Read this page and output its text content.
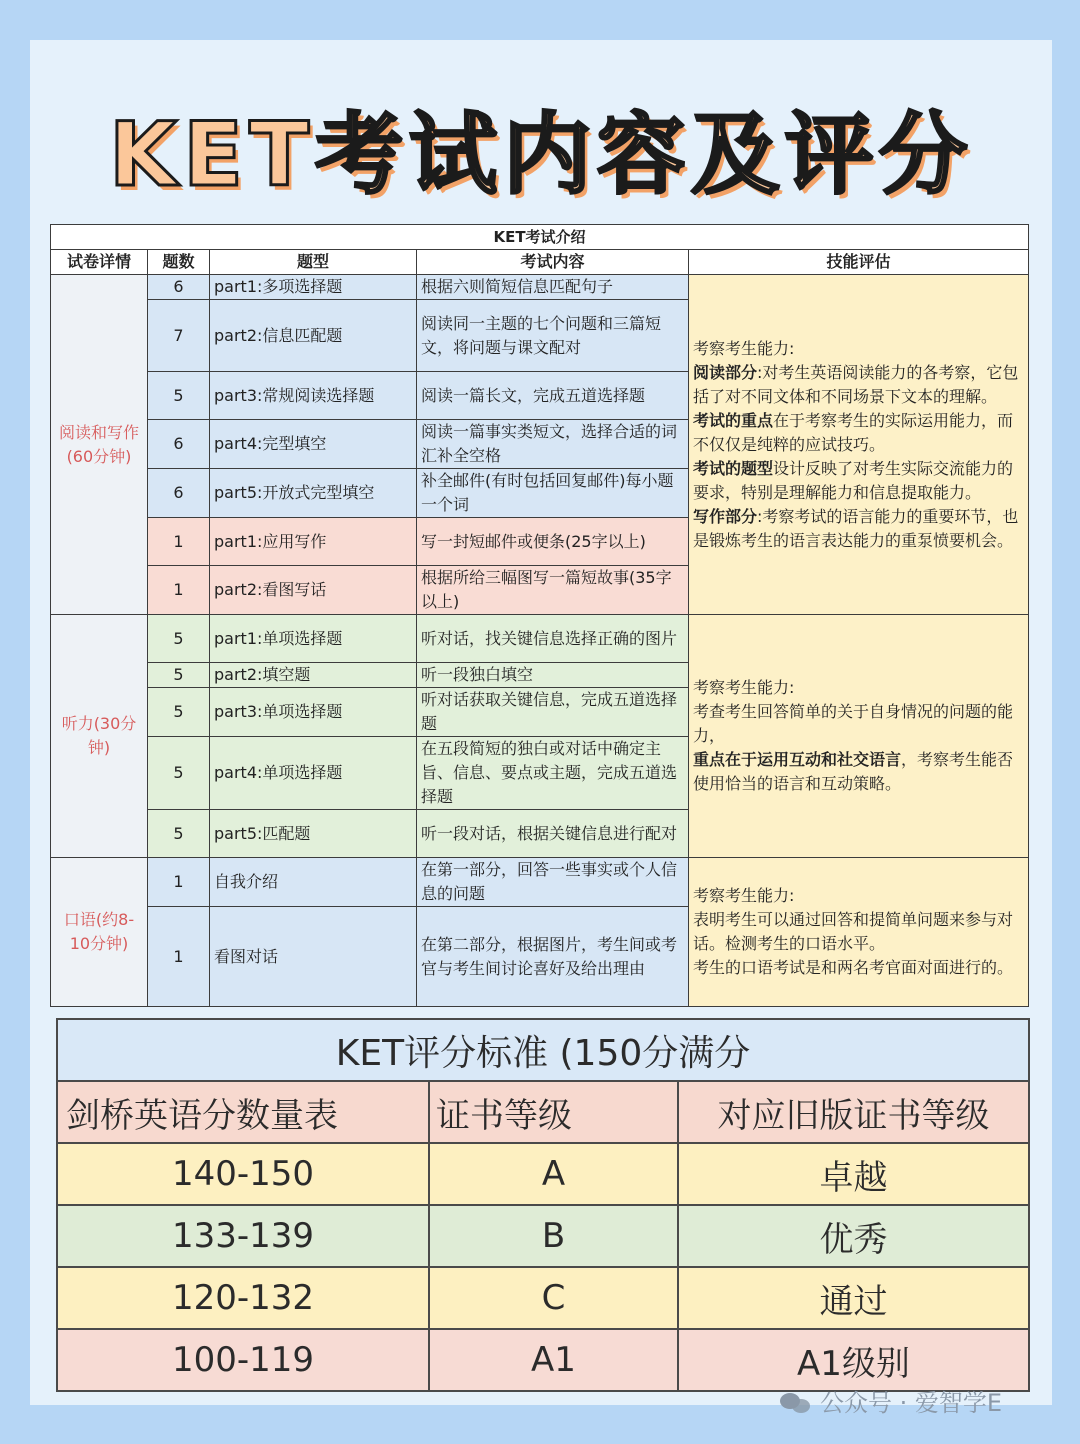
KET考试内容及评分
KET考试介绍				
试卷详情	题数	题型	考试内容	技能评估
阅读和写作(60分钟)	6	part1:多项选择题	根据六则简短信息匹配句子	考察考生能力:
阅读部分:对考生英语阅读能力的各考察，它包括了对不同文体和不同场景下文本的理解。
考试的重点在于考察考生的实际运用能力，而不仅仅是纯粹的应试技巧。
考试的题型设计反映了对考生实际交流能力的要求，特别是理解能力和信息提取能力。
写作部分:考察考试的语言能力的重要环节，也是锻炼考生的语言表达能力的重泵愤要机会。

	7	part2:信息匹配题	阅读同一主题的七个问题和三篇短文，将问题与课文配对	
	5	part3:常规阅读选择题	阅读一篇长文，完成五道选择题	
	6	part4:完型填空	阅读一篇事实类短文，选择合适的词汇补全空格	
	6	part5:开放式完型填空	补全邮件(有时包括回复邮件)每小题一个词	
	1	part1:应用写作	写一封短邮件或便条(25字以上)	
	1	part2:看图写话	根据所给三幅图写一篇短故事(35字以上)	
听力(30分钟)	5	part1:单项选择题	听对话，找关键信息选择正确的图片	考察考生能力:
考查考生回答简单的关于自身情况的问题的能力，
重点在于运用互动和社交语言，考察考生能否使用恰当的语言和互动策略。
	5	part2:填空题	听一段独白填空	
	5	part3:单项选择题	听对话获取关键信息，完成五道选择题	
	5	part4:单项选择题	在五段简短的独白或对话中确定主旨、信息、要点或主题，完成五道选择题	
	5	part5:匹配题	听一段对话，根据关键信息进行配对	
口语(约8-10分钟)	1	自我介绍	在第一部分，回答一些事实或个人信息的问题	考察考生能力:
表明考生可以通过回答和提简单问题来参与对话。检测考生的口语水平。
考生的口语考试是和两名考官面对面进行的。

	1	看图对话	在第二部分，根据图片，考生间或考官与考生间讨论喜好及给出理由	
KET评分标准 (150分满分		
剑桥英语分数量表	证书等级	对应旧版证书等级
140-150	A	卓越
133-139	B	优秀
120-132	C	通过
100-119	A1	A1级别
公众号 · 爱智学E
